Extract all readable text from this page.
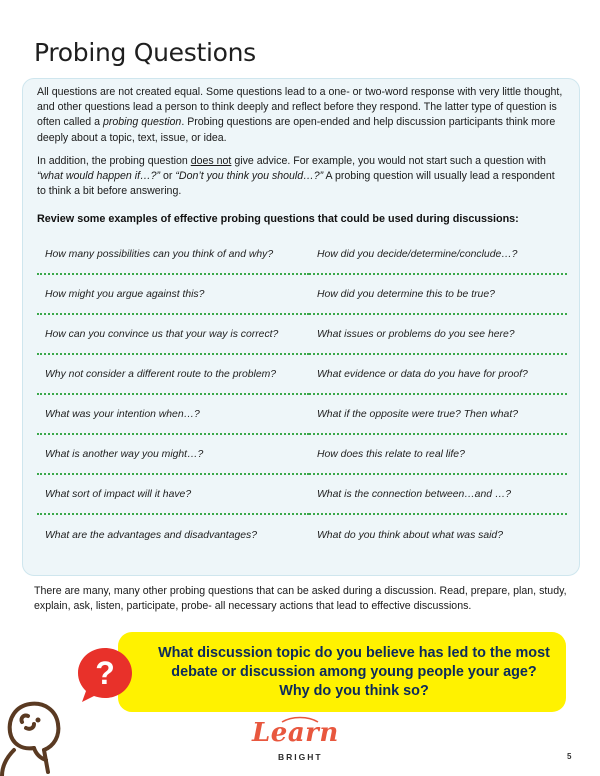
Probing Questions

All questions are not created equal. Some questions lead to a one- or two-word response with very little thought, and other questions lead a person to think deeply and reflect before they respond. The latter type of question is often called a probing question. Probing questions are open-ended and help discussion participants think more deeply about a topic, text, issue, or idea.

In addition, the probing question does not give advice. For example, you would not start such a question with “what would happen if…?” or “Don’t you think you should…?” A probing question will usually lead a respondent to think a bit before answering.

Review some examples of effective probing questions that could be used during discussions:
How many possibilities can you think of and why?	How did you decide/determine/conclude…?
How might you argue against this?	How did you determine this to be true?
How can you convince us that your way is correct?	What issues or problems do you see here?
Why not consider a different route to the problem?	What evidence or data do you have for proof?
What was your intention when…?	What if the opposite were true? Then what?
What is another way you might…?	How does this relate to real life?
What sort of impact will it have?	What is the connection between…and …?
What are the advantages and disadvantages?	What do you think about what was said?

There are many, many other probing questions that can be asked during a discussion. Read, prepare, plan, study, explain, ask, listen, participate, probe- all necessary actions that lead to effective discussions.

What discussion topic do you believe has led to the most debate or discussion among young people your age? Why do you think so?
?
Learn
BRIGHT	5
